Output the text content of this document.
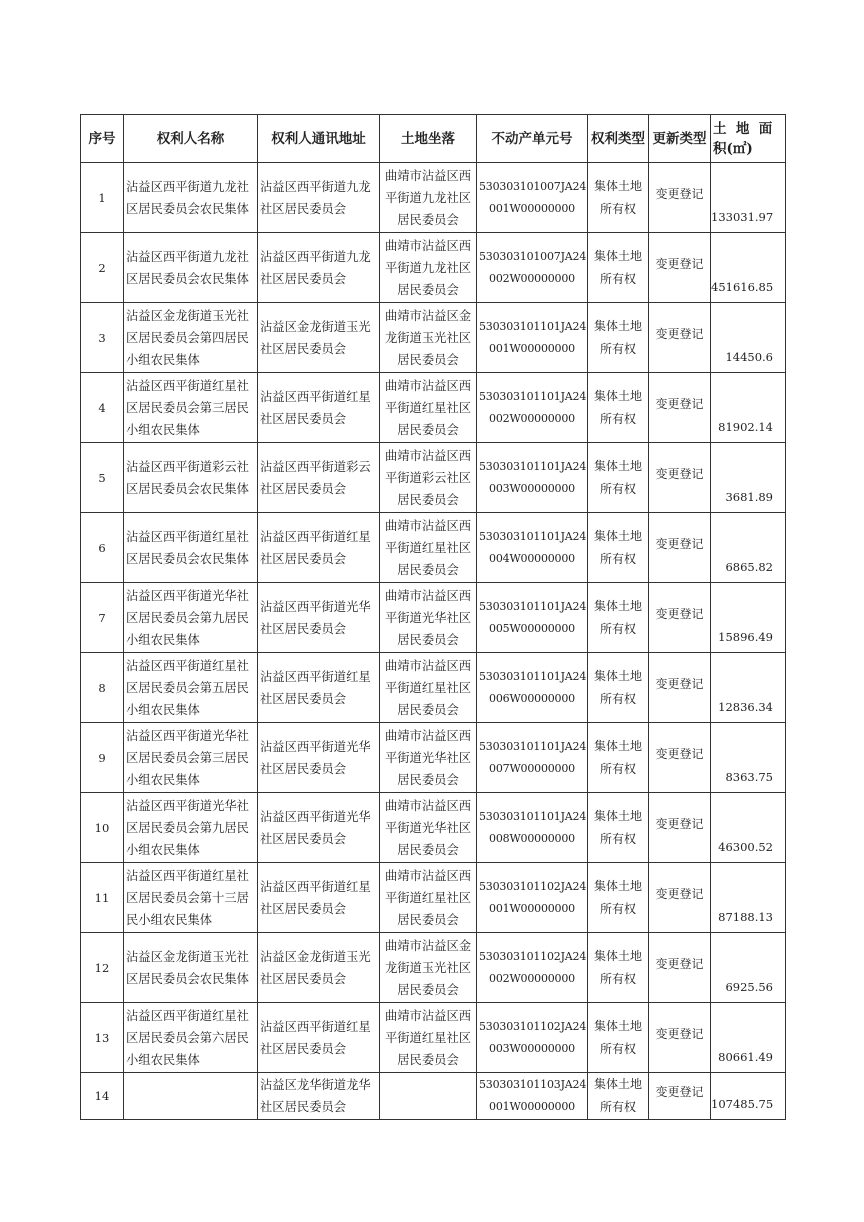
序号	权利人名称	权利人通讯地址	土地坐落	不动产单元号	权利类型	更新类型	土  地  面
积(㎡)

1	沾益区西平街道九龙社
区居民委员会农民集体	沾益区西平街道九龙
社区居民委员会	曲靖市沾益区西
平街道九龙社区
居民委员会	530303101007JA24
001W00000000	集体土地
所有权	变更登记	133031.97

2	沾益区西平街道九龙社
区居民委员会农民集体	沾益区西平街道九龙
社区居民委员会	曲靖市沾益区西
平街道九龙社区
居民委员会	530303101007JA24
002W00000000	集体土地
所有权	变更登记	451616.85

3	沾益区金龙街道玉光社
区居民委员会第四居民
小组农民集体	沾益区金龙街道玉光
社区居民委员会	曲靖市沾益区金
龙街道玉光社区
居民委员会	530303101101JA24
001W00000000	集体土地
所有权	变更登记	14450.6

4	沾益区西平街道红星社
区居民委员会第三居民
小组农民集体	沾益区西平街道红星
社区居民委员会	曲靖市沾益区西
平街道红星社区
居民委员会	530303101101JA24
002W00000000	集体土地
所有权	变更登记	81902.14

5	沾益区西平街道彩云社
区居民委员会农民集体	沾益区西平街道彩云
社区居民委员会	曲靖市沾益区西
平街道彩云社区
居民委员会	530303101101JA24
003W00000000	集体土地
所有权	变更登记	3681.89

6	沾益区西平街道红星社
区居民委员会农民集体	沾益区西平街道红星
社区居民委员会	曲靖市沾益区西
平街道红星社区
居民委员会	530303101101JA24
004W00000000	集体土地
所有权	变更登记	6865.82

7	沾益区西平街道光华社
区居民委员会第九居民
小组农民集体	沾益区西平街道光华
社区居民委员会	曲靖市沾益区西
平街道光华社区
居民委员会	530303101101JA24
005W00000000	集体土地
所有权	变更登记	15896.49

8	沾益区西平街道红星社
区居民委员会第五居民
小组农民集体	沾益区西平街道红星
社区居民委员会	曲靖市沾益区西
平街道红星社区
居民委员会	530303101101JA24
006W00000000	集体土地
所有权	变更登记	12836.34

9	沾益区西平街道光华社
区居民委员会第三居民
小组农民集体	沾益区西平街道光华
社区居民委员会	曲靖市沾益区西
平街道光华社区
居民委员会	530303101101JA24
007W00000000	集体土地
所有权	变更登记	8363.75

10	沾益区西平街道光华社
区居民委员会第九居民
小组农民集体	沾益区西平街道光华
社区居民委员会	曲靖市沾益区西
平街道光华社区
居民委员会	530303101101JA24
008W00000000	集体土地
所有权	变更登记	46300.52

11	沾益区西平街道红星社
区居民委员会第十三居
民小组农民集体	沾益区西平街道红星
社区居民委员会	曲靖市沾益区西
平街道红星社区
居民委员会	530303101102JA24
001W00000000	集体土地
所有权	变更登记	87188.13

12	沾益区金龙街道玉光社
区居民委员会农民集体	沾益区金龙街道玉光
社区居民委员会	曲靖市沾益区金
龙街道玉光社区
居民委员会	530303101102JA24
002W00000000	集体土地
所有权	变更登记	6925.56

13	沾益区西平街道红星社
区居民委员会第六居民
小组农民集体	沾益区西平街道红星
社区居民委员会	曲靖市沾益区西
平街道红星社区
居民委员会	530303101102JA24
003W00000000	集体土地
所有权	变更登记	80661.49

14		沾益区龙华街道龙华
社区居民委员会		530303101103JA24
001W00000000	集体土地
所有权	变更登记	107485.75
